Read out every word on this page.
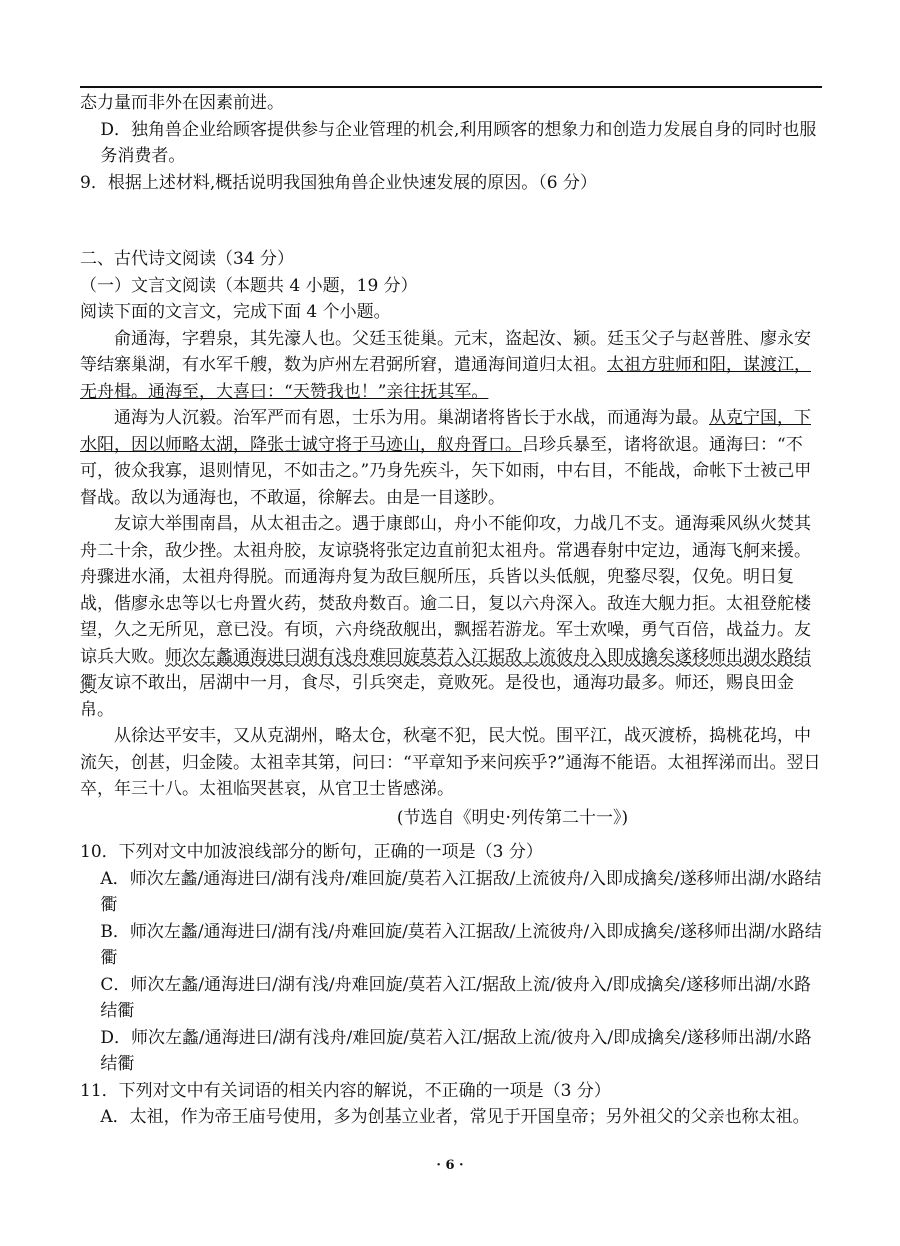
态力量而非外在因素前进。

D．独角兽企业给顾客提供参与企业管理的机会,利用顾客的想象力和创造力发展自身的同时也服务消费者。

9．根据上述材料,概括说明我国独角兽企业快速发展的原因。（6 分）

二、古代诗文阅读（34 分）

（一）文言文阅读（本题共 4 小题，19 分）

阅读下面的文言文，完成下面 4 个小题。

俞通海，字碧泉，其先濠人也。父廷玉徙巢。元末，盗起汝、颍。廷玉父子与赵普胜、廖永安等结寨巢湖，有水军千艘，数为庐州左君弼所窘，遣通海间道归太祖。太祖方驻师和阳，谋渡江，无舟楫。通海至，大喜曰：“天赞我也！”亲往抚其军。

通海为人沉毅。治军严而有恩，士乐为用。巢湖诸将皆长于水战，而通海为最。从克宁国，下水阳，因以师略太湖，降张士诚守将于马迹山，舣舟胥口。吕珍兵暴至，诸将欲退。通海曰：“不可，彼众我寡，退则情见，不如击之。”乃身先疾斗，矢下如雨，中右目，不能战，命帐下士被己甲督战。敌以为通海也，不敢逼，徐解去。由是一目遂眇。

友谅大举围南昌，从太祖击之。遇于康郎山，舟小不能仰攻，力战几不支。通海乘风纵火焚其舟二十余，敌少挫。太祖舟胶，友谅骁将张定边直前犯太祖舟。常遇春射中定边，通海飞舸来援。舟骤进水涌，太祖舟得脱。而通海舟复为敌巨舰所压，兵皆以头低舰，兜鍪尽裂，仅免。明日复战，偕廖永忠等以七舟置火药，焚敌舟数百。逾二日，复以六舟深入。敌连大舰力拒。太祖登舵楼望，久之无所见，意已没。有顷，六舟绕敌舰出，飘摇若游龙。军士欢噪，勇气百倍，战益力。友谅兵大败。师次左蠡通海进曰湖有浅舟难回旋莫若入江据敌上流彼舟入即成擒矣遂移师出湖水路结衢友谅不敢出，居湖中一月，食尽，引兵突走，竟败死。是役也，通海功最多。师还，赐良田金帛。

从徐达平安丰，又从克湖州，略太仓，秋毫不犯，民大悦。围平江，战灭渡桥，捣桃花坞，中流矢，创甚，归金陵。太祖幸其第，问曰：“平章知予来问疾乎?”通海不能语。太祖挥涕而出。翌日卒，年三十八。太祖临哭甚哀，从官卫士皆感涕。

(节选自《明史·列传第二十一》)

10．下列对文中加波浪线部分的断句，正确的一项是（3 分）

A．师次左蠡/通海进曰/湖有浅舟/难回旋/莫若入江据敌/上流彼舟/入即成擒矣/遂移师出湖/水路结衢

B．师次左蠡/通海进曰/湖有浅/舟难回旋/莫若入江据敌/上流彼舟/入即成擒矣/遂移师出湖/水路结衢

C．师次左蠡/通海进曰/湖有浅/舟难回旋/莫若入江/据敌上流/彼舟入/即成擒矣/遂移师出湖/水路结衢

D．师次左蠡/通海进曰/湖有浅舟/难回旋/莫若入江/据敌上流/彼舟入/即成擒矣/遂移师出湖/水路结衢

11．下列对文中有关词语的相关内容的解说，不正确的一项是（3 分）

A．太祖，作为帝王庙号使用，多为创基立业者，常见于开国皇帝；另外祖父的父亲也称太祖。

· 6 ·
